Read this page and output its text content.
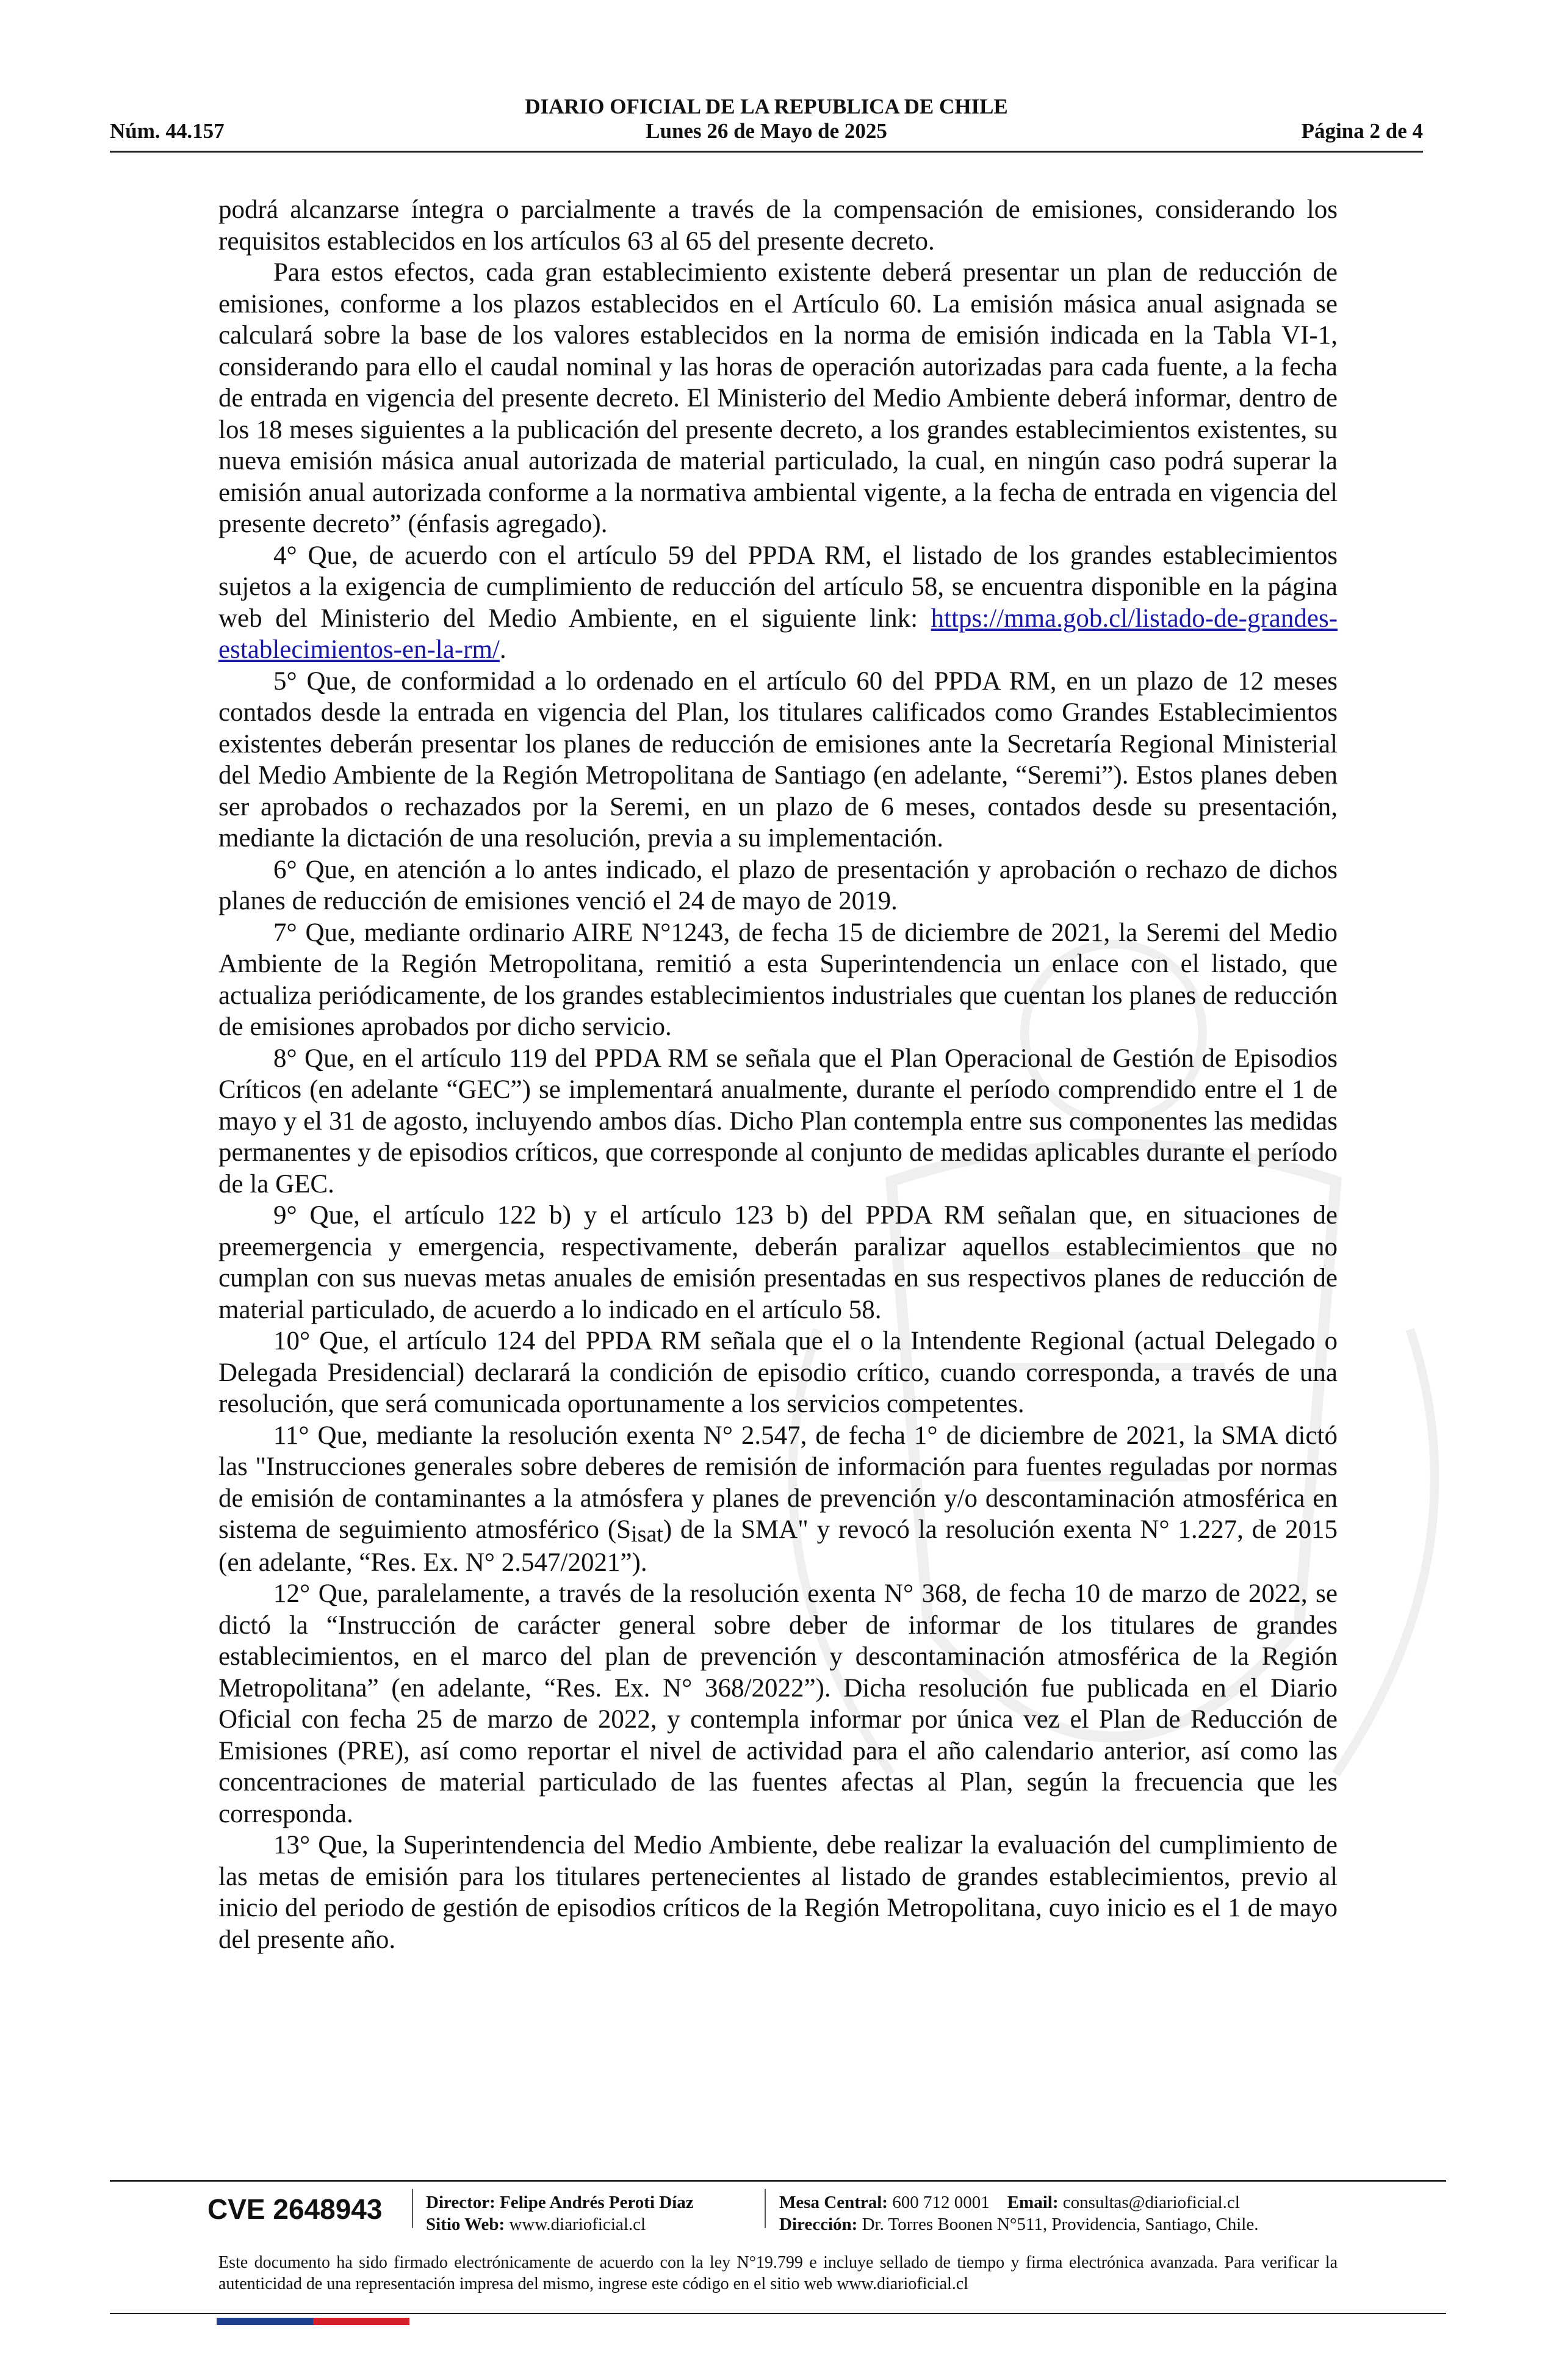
DIARIO OFICIAL DE LA REPUBLICA DE CHILE
Núm. 44.157	Lunes 26 de Mayo de 2025	Página 2 de 4

podrá alcanzarse íntegra o parcialmente a través de la compensación de emisiones, considerando los requisitos establecidos en los artículos 63 al 65 del presente decreto.

Para estos efectos, cada gran establecimiento existente deberá presentar un plan de reducción de emisiones, conforme a los plazos establecidos en el Artículo 60. La emisión másica anual asignada se calculará sobre la base de los valores establecidos en la norma de emisión indicada en la Tabla VI-1, considerando para ello el caudal nominal y las horas de operación autorizadas para cada fuente, a la fecha de entrada en vigencia del presente decreto. El Ministerio del Medio Ambiente deberá informar, dentro de los 18 meses siguientes a la publicación del presente decreto, a los grandes establecimientos existentes, su nueva emisión másica anual autorizada de material particulado, la cual, en ningún caso podrá superar la emisión anual autorizada conforme a la normativa ambiental vigente, a la fecha de entrada en vigencia del presente decreto” (énfasis agregado).

4° Que, de acuerdo con el artículo 59 del PPDA RM, el listado de los grandes establecimientos sujetos a la exigencia de cumplimiento de reducción del artículo 58, se encuentra disponible en la página web del Ministerio del Medio Ambiente, en el siguiente link: https://mma.gob.cl/listado-de-grandes-establecimientos-en-la-rm/.

5° Que, de conformidad a lo ordenado en el artículo 60 del PPDA RM, en un plazo de 12 meses contados desde la entrada en vigencia del Plan, los titulares calificados como Grandes Establecimientos existentes deberán presentar los planes de reducción de emisiones ante la Secretaría Regional Ministerial del Medio Ambiente de la Región Metropolitana de Santiago (en adelante, “Seremi”). Estos planes deben ser aprobados o rechazados por la Seremi, en un plazo de 6 meses, contados desde su presentación, mediante la dictación de una resolución, previa a su implementación.

6° Que, en atención a lo antes indicado, el plazo de presentación y aprobación o rechazo de dichos planes de reducción de emisiones venció el 24 de mayo de 2019.

7° Que, mediante ordinario AIRE N°1243, de fecha 15 de diciembre de 2021, la Seremi del Medio Ambiente de la Región Metropolitana, remitió a esta Superintendencia un enlace con el listado, que actualiza periódicamente, de los grandes establecimientos industriales que cuentan los planes de reducción de emisiones aprobados por dicho servicio.

8° Que, en el artículo 119 del PPDA RM se señala que el Plan Operacional de Gestión de Episodios Críticos (en adelante “GEC”) se implementará anualmente, durante el período comprendido entre el 1 de mayo y el 31 de agosto, incluyendo ambos días. Dicho Plan contempla entre sus componentes las medidas permanentes y de episodios críticos, que corresponde al conjunto de medidas aplicables durante el período de la GEC.

9° Que, el artículo 122 b) y el artículo 123 b) del PPDA RM señalan que, en situaciones de preemergencia y emergencia, respectivamente, deberán paralizar aquellos establecimientos que no cumplan con sus nuevas metas anuales de emisión presentadas en sus respectivos planes de reducción de material particulado, de acuerdo a lo indicado en el artículo 58.

10° Que, el artículo 124 del PPDA RM señala que el o la Intendente Regional (actual Delegado o Delegada Presidencial) declarará la condición de episodio crítico, cuando corresponda, a través de una resolución, que será comunicada oportunamente a los servicios competentes.

11° Que, mediante la resolución exenta N° 2.547, de fecha 1° de diciembre de 2021, la SMA dictó las "Instrucciones generales sobre deberes de remisión de información para fuentes reguladas por normas de emisión de contaminantes a la atmósfera y planes de prevención y/o descontaminación atmosférica en sistema de seguimiento atmosférico (Sisat) de la SMA" y revocó la resolución exenta N° 1.227, de 2015 (en adelante, “Res. Ex. N° 2.547/2021”).

12° Que, paralelamente, a través de la resolución exenta N° 368, de fecha 10 de marzo de 2022, se dictó la “Instrucción de carácter general sobre deber de informar de los titulares de grandes establecimientos, en el marco del plan de prevención y descontaminación atmosférica de la Región Metropolitana” (en adelante, “Res. Ex. N° 368/2022”). Dicha resolución fue publicada en el Diario Oficial con fecha 25 de marzo de 2022, y contempla informar por única vez el Plan de Reducción de Emisiones (PRE), así como reportar el nivel de actividad para el año calendario anterior, así como las concentraciones de material particulado de las fuentes afectas al Plan, según la frecuencia que les corresponda.

13° Que, la Superintendencia del Medio Ambiente, debe realizar la evaluación del cumplimiento de las metas de emisión para los titulares pertenecientes al listado de grandes establecimientos, previo al inicio del periodo de gestión de episodios críticos de la Región Metropolitana, cuyo inicio es el 1 de mayo del presente año.

CVE 2648943 Director: Felipe Andrés Peroti Díaz
Sitio Web: www.diarioficial.cl
Mesa Central: 600 712 0001 Email: consultas@diarioficial.cl
Dirección: Dr. Torres Boonen N°511, Providencia, Santiago, Chile.
Este documento ha sido firmado electrónicamente de acuerdo con la ley N°19.799 e incluye sellado de tiempo y firma electrónica avanzada. Para verificar la autenticidad de una representación impresa del mismo, ingrese este código en el sitio web www.diarioficial.cl
